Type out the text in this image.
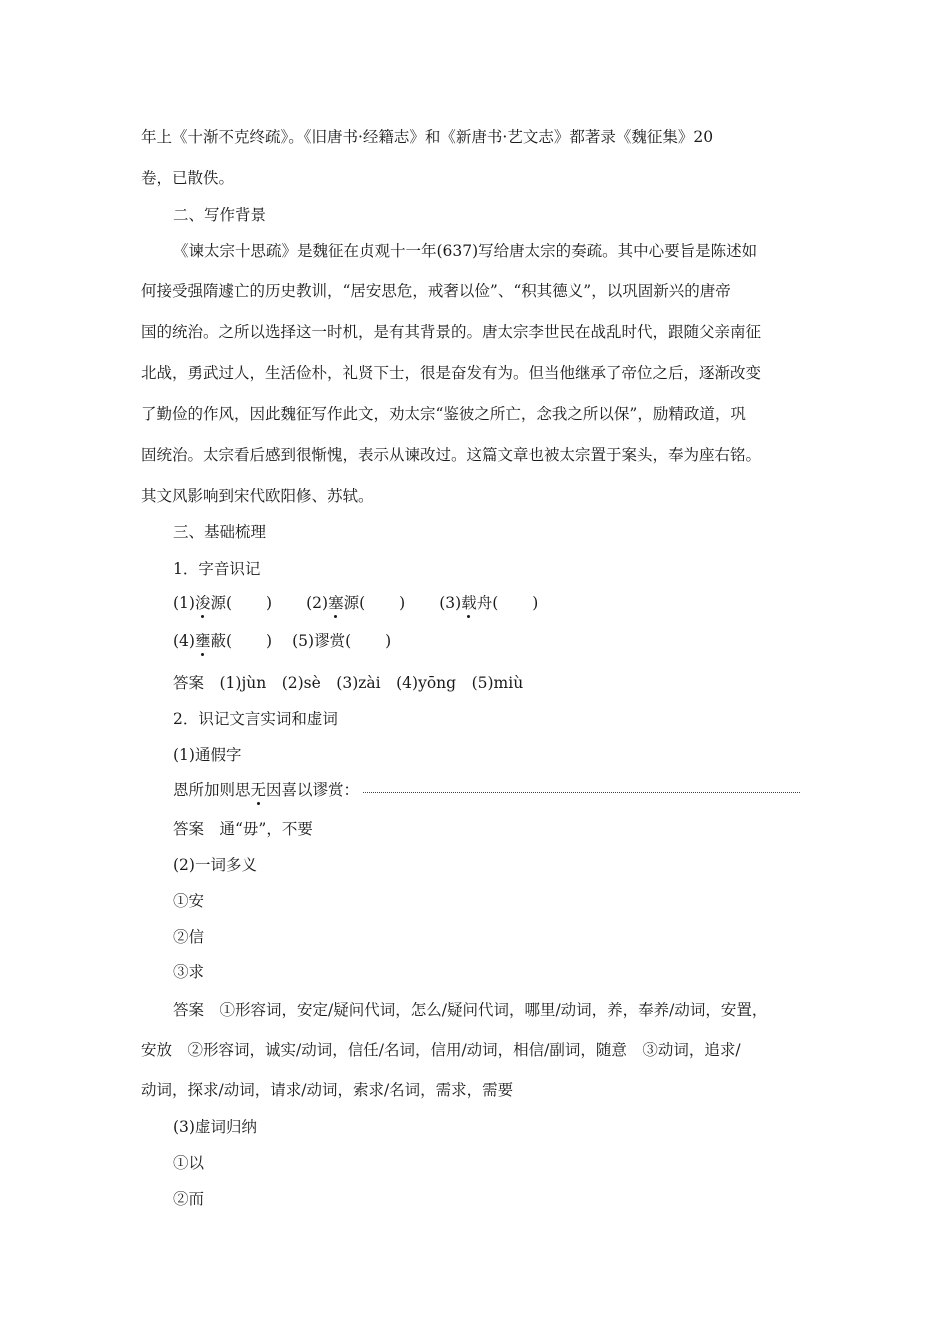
年上《十渐不克终疏》。《旧唐书·经籍志》和《新唐书·艺文志》都著录《魏征集》20
卷，已散佚。
二、写作背景
《谏太宗十思疏》是魏征在贞观十一年(637)写给唐太宗的奏疏。其中心要旨是陈述如
何接受强隋遽亡的历史教训，“居安思危，戒奢以俭”、“积其德义”，以巩固新兴的唐帝
国的统治。之所以选择这一时机，是有其背景的。唐太宗李世民在战乱时代，跟随父亲南征
北战，勇武过人，生活俭朴，礼贤下士，很是奋发有为。但当他继承了帝位之后，逐渐改变
了勤俭的作风，因此魏征写作此文，劝太宗“鉴彼之所亡，念我之所以保”，励精政道，巩
固统治。太宗看后感到很惭愧，表示从谏改过。这篇文章也被太宗置于案头，奉为座右铭。
其文风影响到宋代欧阳修、苏轼。
三、基础梳理
1．字音识记
(1)浚源( ) (2)塞源( ) (3)载舟( )
(4)壅蔽( ) (5)谬赏( )
答案　(1)jùn　(2)sè　(3)zài　(4)yōng　(5)miù
2．识记文言实词和虚词
(1)通假字
恩所加则思无因喜以谬赏：
答案　通“毋”，不要
(2)一词多义
①安
②信
③求
答案　①形容词，安定/疑问代词，怎么/疑问代词，哪里/动词，养，奉养/动词，安置，
安放　②形容词，诚实/动词，信任/名词，信用/动词，相信/副词，随意　③动词，追求/
动词，探求/动词，请求/动词，索求/名词，需求，需要
(3)虚词归纳
①以
②而
